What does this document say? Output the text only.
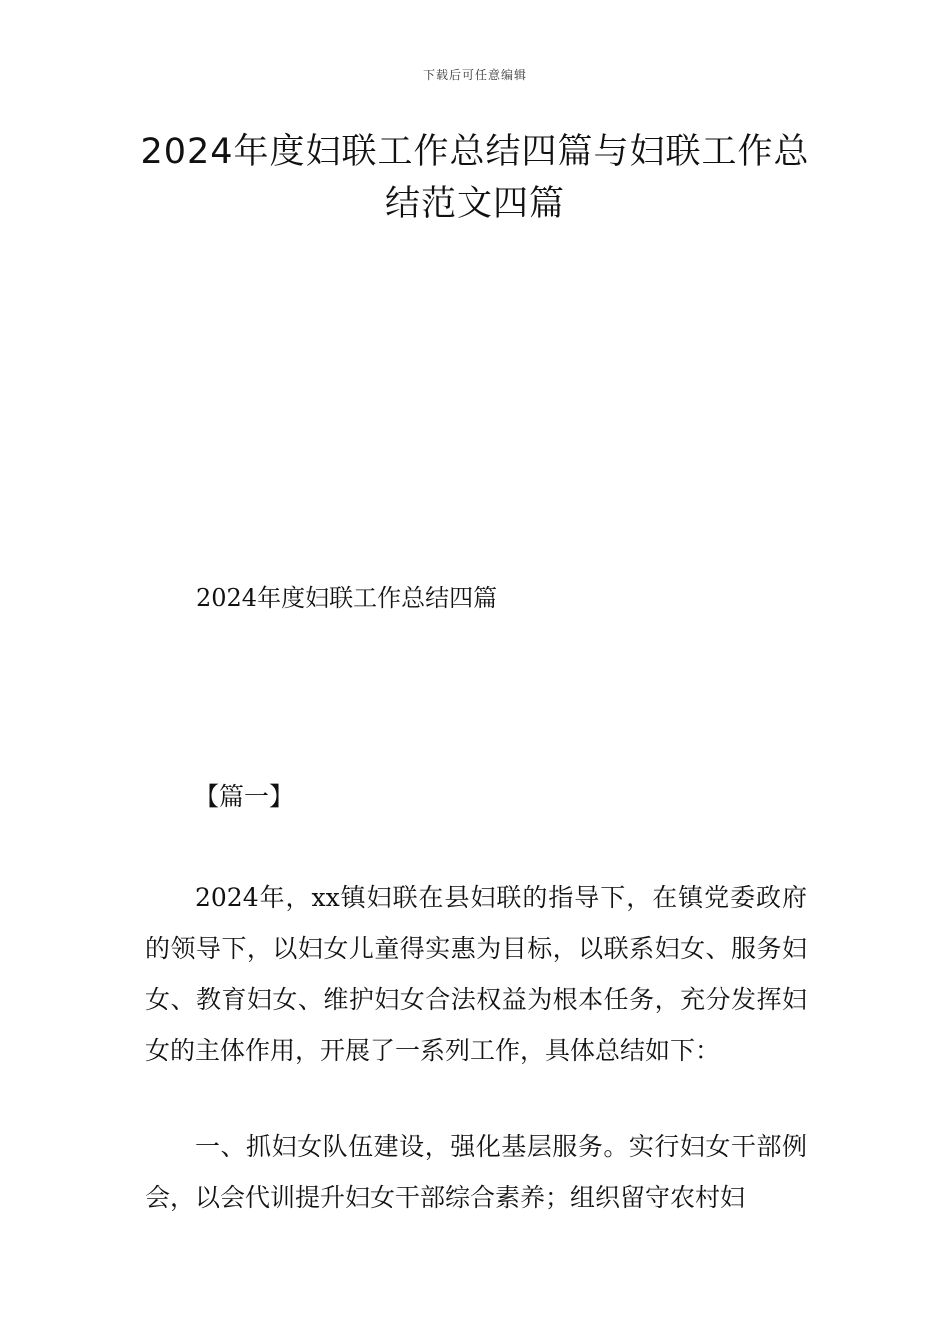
下载后可任意编辑
2024年度妇联工作总结四篇与妇联工作总结范文四篇
2024年度妇联工作总结四篇
【篇一】

2024年，xx镇妇联在县妇联的指导下，在镇党委政府的领导下，以妇女儿童得实惠为目标，以联系妇女、服务妇女、教育妇女、维护妇女合法权益为根本任务，充分发挥妇女的主体作用，开展了一系列工作，具体总结如下：

一、抓妇女队伍建设，强化基层服务。实行妇女干部例会，以会代训提升妇女干部综合素养；组织留守农村妇
